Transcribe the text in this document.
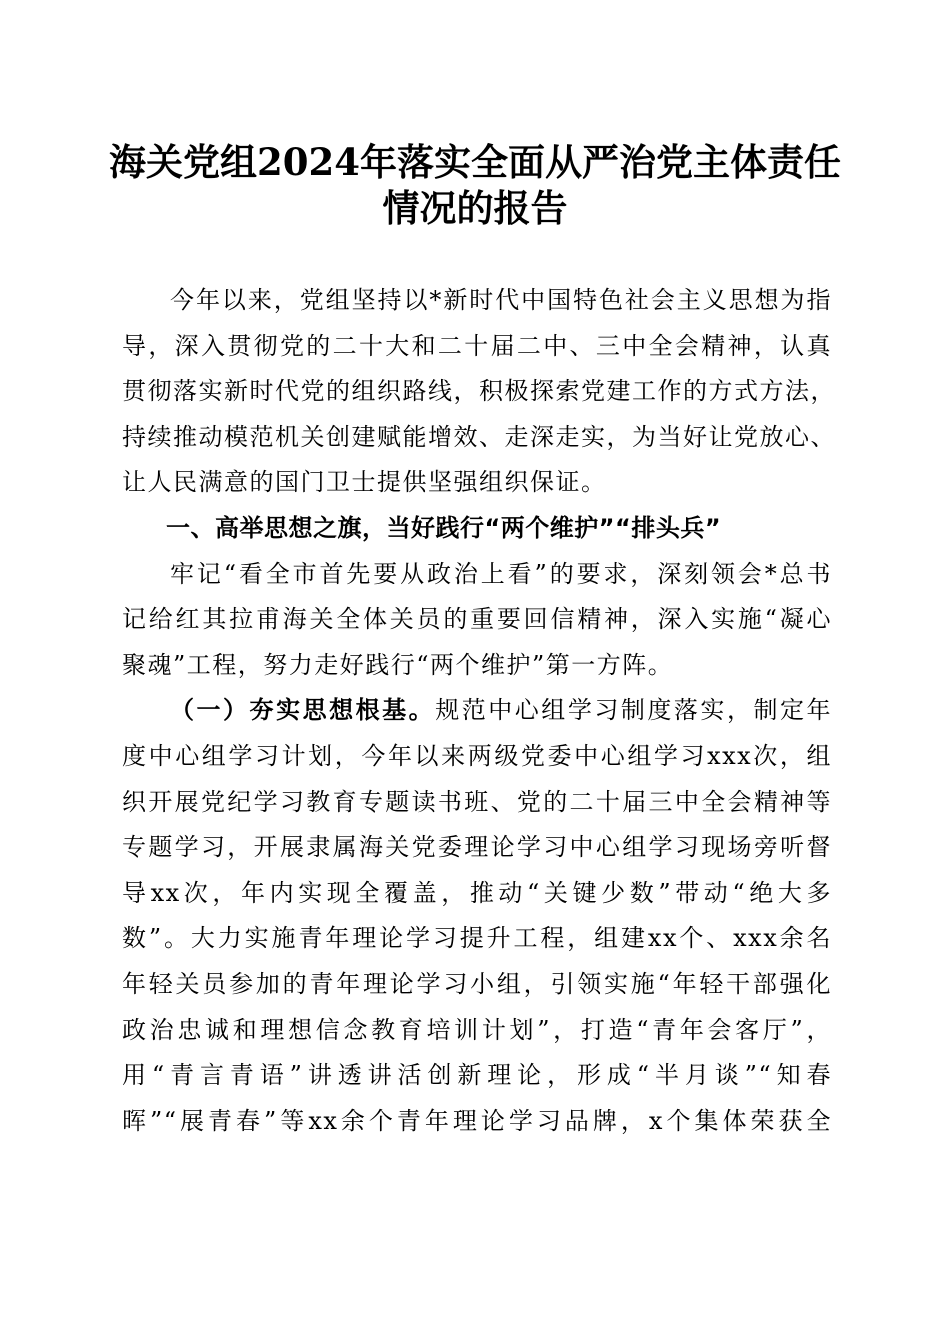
海关党组2024年落实全面从严治党主体责任
情况的报告
今年以来，党组坚持以*新时代中国特色社会主义思想为指
导，深入贯彻党的二十大和二十届二中、三中全会精神，认真
贯彻落实新时代党的组织路线，积极探索党建工作的方式方法，
持续推动模范机关创建赋能增效、走深走实，为当好让党放心、
让人民满意的国门卫士提供坚强组织保证。
一、高举思想之旗，当好践行“两个维护”“排头兵”
牢记“看全市首先要从政治上看”的要求，深刻领会*总书
记给红其拉甫海关全体关员的重要回信精神，深入实施“凝心
聚魂”工程，努力走好践行“两个维护”第一方阵。
（一）夯实思想根基。规范中心组学习制度落实，制定年
度中心组学习计划，今年以来两级党委中心组学习xxx次，组
织开展党纪学习教育专题读书班、党的二十届三中全会精神等
专题学习，开展隶属海关党委理论学习中心组学习现场旁听督
导xx次，年内实现全覆盖，推动“关键少数”带动“绝大多
数”。大力实施青年理论学习提升工程，组建xx个、xxx余名
年轻关员参加的青年理论学习小组，引领实施“年轻干部强化
政治忠诚和理想信念教育培训计划”，打造“青年会客厅”，
用“青言青语”讲透讲活创新理论，形成“半月谈”“知春
晖”“展青春”等xx余个青年理论学习品牌，x个集体荣获全
